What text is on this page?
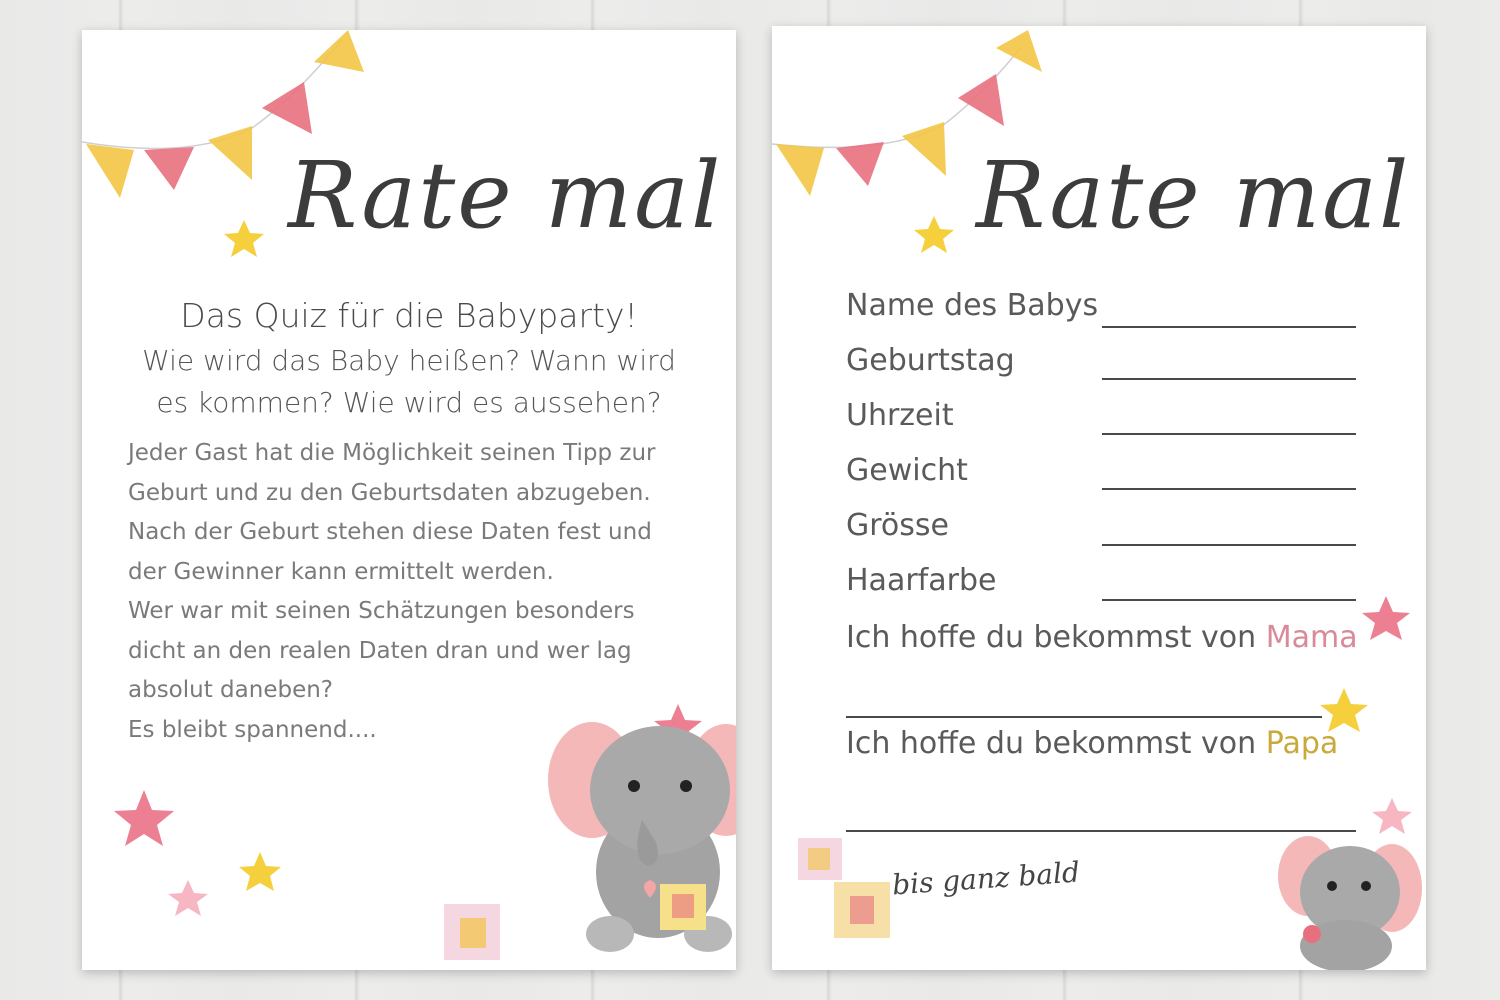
Rate mal
Das Quiz für die Babyparty!
Wie wird das Baby heißen? Wann wird
es kommen? Wie wird es aussehen?
Jeder Gast hat die Möglichkeit seinen Tipp zur
Geburt und zu den Geburtsdaten abzugeben.
Nach der Geburt stehen diese Daten fest und
der Gewinner kann ermittelt werden.
Wer war mit seinen Schätzungen besonders
dicht an den realen Daten dran und wer lag
absolut daneben?
Es bleibt spannend....
Rate mal
Name des Babys
Geburtstag
Uhrzeit
Gewicht
Grösse
Haarfarbe
Ich hoffe du bekommst von Mama
Ich hoffe du bekommst von Papa
bis ganz bald
